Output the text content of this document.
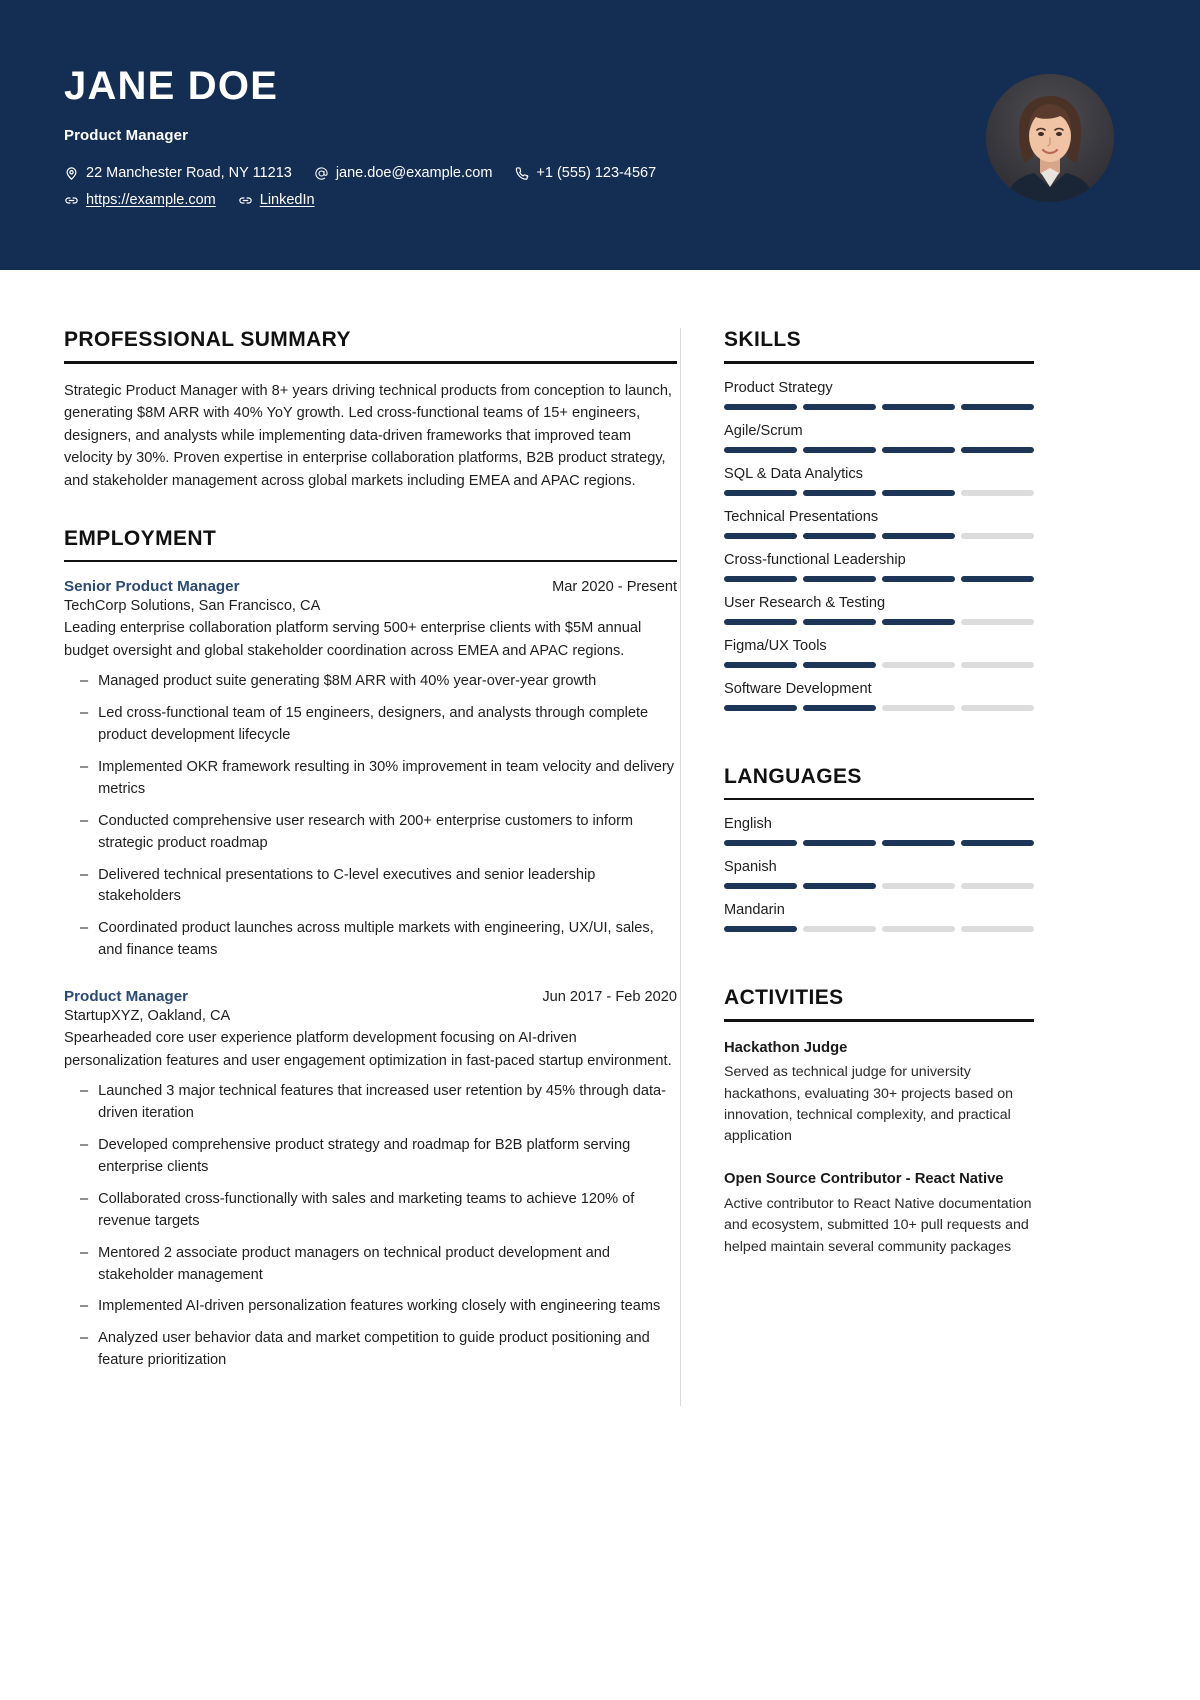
JANE DOE
Product Manager
22 Manchester Road, NY 11213	jane.doe@example.com	+1 (555) 123-4567
https://example.com	LinkedIn
PROFESSIONAL SUMMARY
Strategic Product Manager with 8+ years driving technical products from conception to launch, generating $8M ARR with 40% YoY growth. Led cross-functional teams of 15+ engineers, designers, and analysts while implementing data-driven frameworks that improved team velocity by 30%. Proven expertise in enterprise collaboration platforms, B2B product strategy, and stakeholder management across global markets including EMEA and APAC regions.
EMPLOYMENT
Senior Product Manager	Mar 2020 - Present
TechCorp Solutions, San Francisco, CA
Leading enterprise collaboration platform serving 500+ enterprise clients with $5M annual budget oversight and global stakeholder coordination across EMEA and APAC regions.
– Managed product suite generating $8M ARR with 40% year-over-year growth
– Led cross-functional team of 15 engineers, designers, and analysts through complete product development lifecycle
– Implemented OKR framework resulting in 30% improvement in team velocity and delivery metrics
– Conducted comprehensive user research with 200+ enterprise customers to inform strategic product roadmap
– Delivered technical presentations to C-level executives and senior leadership stakeholders
– Coordinated product launches across multiple markets with engineering, UX/UI, sales, and finance teams
Product Manager	Jun 2017 - Feb 2020
StartupXYZ, Oakland, CA
Spearheaded core user experience platform development focusing on AI-driven personalization features and user engagement optimization in fast-paced startup environment.
– Launched 3 major technical features that increased user retention by 45% through data-driven iteration
– Developed comprehensive product strategy and roadmap for B2B platform serving enterprise clients
– Collaborated cross-functionally with sales and marketing teams to achieve 120% of revenue targets
– Mentored 2 associate product managers on technical product development and stakeholder management
– Implemented AI-driven personalization features working closely with engineering teams
– Analyzed user behavior data and market competition to guide product positioning and feature prioritization
SKILLS
Product Strategy
Agile/Scrum
SQL & Data Analytics
Technical Presentations
Cross-functional Leadership
User Research & Testing
Figma/UX Tools
Software Development
LANGUAGES
English
Spanish
Mandarin
ACTIVITIES
Hackathon Judge
Served as technical judge for university hackathons, evaluating 30+ projects based on innovation, technical complexity, and practical application
Open Source Contributor - React Native
Active contributor to React Native documentation and ecosystem, submitted 10+ pull requests and helped maintain several community packages
